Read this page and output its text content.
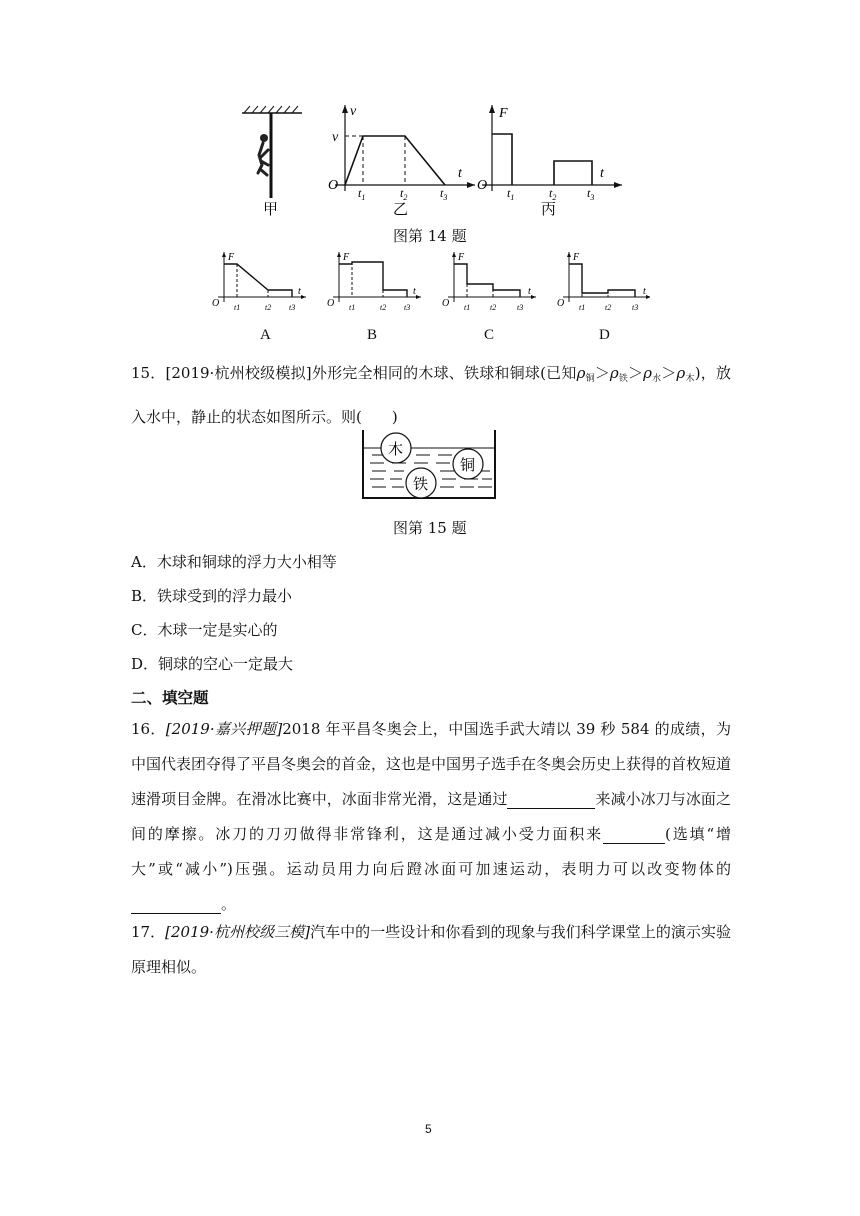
v
v
t
O $t_1$	$t_2$	$t_3$
F
t
O $t_1$	$t_2$	$t_3$
甲	乙	丙
图第 14 题
F
t
O t1	t2 t3
F
t
O t1	t2 t3
F
t
O t1 t2	t3
F
t
O t1 t2	t3
A	B	C	D
15．[2019·杭州校级模拟]外形完全相同的木球、铁球和铜球(已知$\rho_铜>\rho_铁>\rho_水>\rho_木$)，放入水中，静止的状态如图所示。则(　　)
木
铜
铁
图第 15 题
A．木球和铜球的浮力大小相等
B．铁球受到的浮力最小
C．木球一定是实心的
D．铜球的空心一定最大
二、填空题
16．[2019·嘉兴押题]2018 年平昌冬奥会上，中国选手武大靖以 39 秒 584 的成绩，为中国代表团夺得了平昌冬奥会的首金，这也是中国男子选手在冬奥会历史上获得的首枚短道速滑项目金牌。在滑冰比赛中，冰面非常光滑，这是通过	来减小冰刀与冰面之间的摩擦。冰刀的刀刃做得非常锋利，这是通过减小受力面积来	(选填“增大”或“减小”)压强。运动员用力向后蹬冰面可加速运动，表明力可以改变物体的 。
17．[2019·杭州校级三模]汽车中的一些设计和你看到的现象与我们科学课堂上的演示实验原理相似。
5
